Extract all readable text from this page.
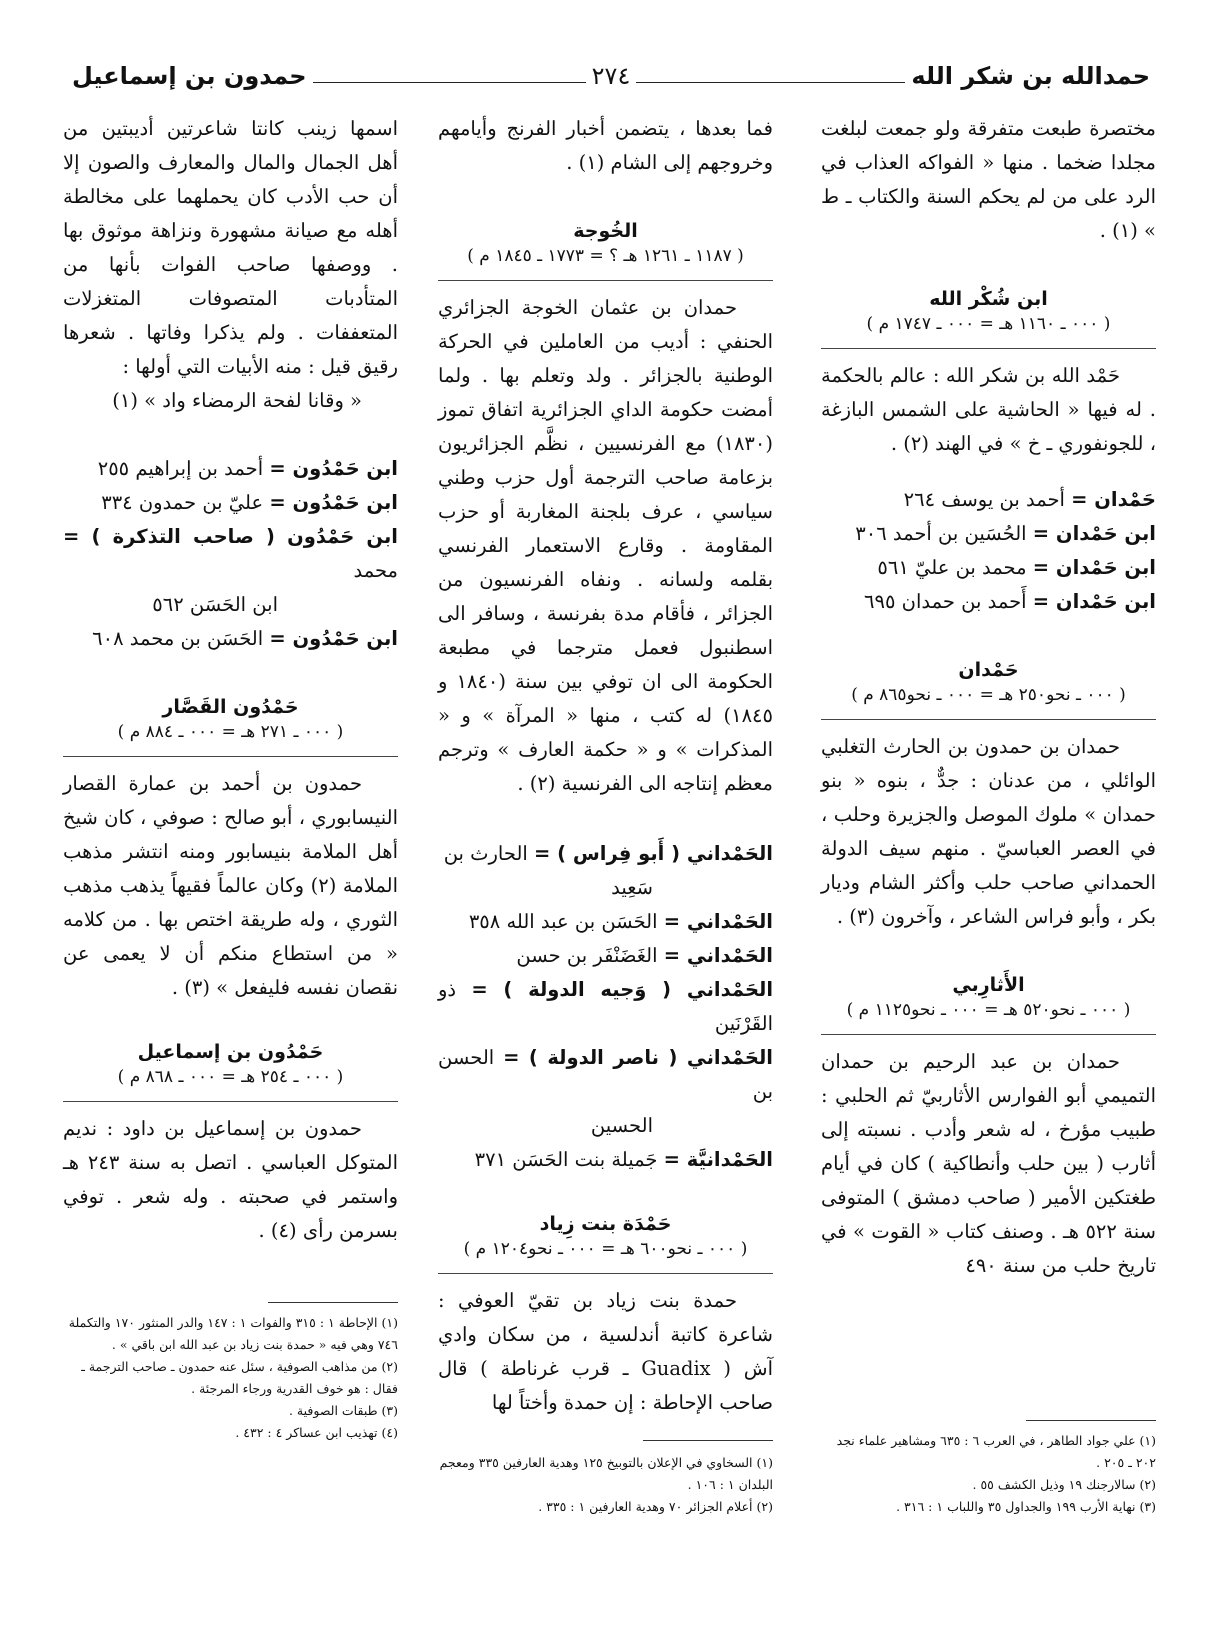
حمدالله بن شكر الله
٢٧٤
حمدون بن إسماعيل

مختصرة طبعت متفرقة ولو جمعت لبلغت مجلدا ضخما . منها « الفواكه العذاب في الرد على من لم يحكم السنة والكتاب ـ ط » (١) .

ابن شُكْر الله
( ٠٠٠ ـ ١١٦٠ هـ = ٠٠٠ ـ ١٧٤٧ م )

حَمْد الله بن شكر الله : عالم بالحكمة . له فيها « الحاشية على الشمس البازغة ، للجونفوري ـ خ » في الهند (٢) .

حَمْدان = أحمد بن يوسف ٢٦٤

ابن حَمْدان = الحُسَين بن أحمد ٣٠٦

ابن حَمْدان = محمد بن عليّ ٥٦١

ابن حَمْدان = أَحمد بن حمدان ٦٩٥

حَمْدان
( ٠٠٠ ـ نحو٢٥٠ هـ = ٠٠٠ ـ نحو٨٦٥ م )

حمدان بن حمدون بن الحارث التغلبي الوائلي ، من عدنان : جدٌّ ، بنوه « بنو حمدان » ملوك الموصل والجزيرة وحلب ، في العصر العباسيّ . منهم سيف الدولة الحمداني صاحب حلب وأكثر الشام وديار بكر ، وأبو فراس الشاعر ، وآخرون (٣) .

الأَثارِبي
( ٠٠٠ ـ نحو٥٢٠ هـ = ٠٠٠ ـ نحو١١٢٥ م )

حمدان بن عبد الرحيم بن حمدان التميمي أبو الفوارس الأثاربيّ ثم الحلبي : طبيب مؤرخ ، له شعر وأدب . نسبته إلى أثارب ( بين حلب وأنطاكية ) كان في أيام طغتكين الأمير ( صاحب دمشق ) المتوفى سنة ٥٢٢ هـ . وصنف كتاب « القوت » في تاريخ حلب من سنة ٤٩٠

فما بعدها ، يتضمن أخبار الفرنج وأيامهم وخروجهم إلى الشام (١) .

الخُوجة
( ١١٨٧ ـ ١٢٦١ هـ ؟ = ١٧٧٣ ـ ١٨٤٥ م )

حمدان بن عثمان الخوجة الجزائري الحنفي : أديب من العاملين في الحركة الوطنية بالجزائر . ولد وتعلم بها . ولما أمضت حكومة الداي الجزائرية اتفاق تموز (١٨٣٠) مع الفرنسيين ، نظَّم الجزائريون بزعامة صاحب الترجمة أول حزب وطني سياسي ، عرف بلجنة المغاربة أو حزب المقاومة . وقارع الاستعمار الفرنسي بقلمه ولسانه . ونفاه الفرنسيون من الجزائر ، فأقام مدة بفرنسة ، وسافر الى اسطنبول فعمل مترجما في مطبعة الحكومة الى ان توفي بين سنة (١٨٤٠ و ١٨٤٥) له كتب ، منها « المرآة » و « المذكرات » و « حكمة العارف » وترجم معظم إنتاجه الى الفرنسية (٢) .

الحَمْداني ( أَبو فِراس ) = الحارث بن

سَعِيد

الحَمْداني = الحَسَن بن عبد الله ٣٥٨

الحَمْداني = الغَضَنْفَر بن حسن

الحَمْداني ( وَجيه الدولة ) = ذو القَرْنَين

الحَمْداني ( ناصر الدولة ) = الحسن بن

الحسين

الحَمْدانيَّة = جَميلة بنت الحَسَن ٣٧١

حَمْدَة بنت زِياد
( ٠٠٠ ـ نحو٦٠٠ هـ = ٠٠٠ ـ نحو١٢٠٤ م )

حمدة بنت زياد بن تقيّ العوفي : شاعرة كاتبة أندلسية ، من سكان وادي آش ( Guadix ـ قرب غرناطة ) قال صاحب الإحاطة : إن حمدة وأختاً لها

اسمها زينب كانتا شاعرتين أديبتين من أهل الجمال والمال والمعارف والصون إلا أن حب الأدب كان يحملهما على مخالطة أهله مع صيانة مشهورة ونزاهة موثوق بها . ووصفها صاحب الفوات بأنها من المتأدبات المتصوفات المتغزلات المتعففات . ولم يذكرا وفاتها . شعرها رقيق قيل : منه الأبيات التي أولها :

« وقانا لفحة الرمضاء واد » (١)

ابن حَمْدُون = أحمد بن إبراهيم ٢٥٥

ابن حَمْدُون = عليّ بن حمدون ٣٣٤

ابن حَمْدُون ( صاحب التذكرة ) = محمد

ابن الحَسَن ٥٦٢

ابن حَمْدُون = الحَسَن بن محمد ٦٠٨

حَمْدُون القَصَّار
( ٠٠٠ ـ ٢٧١ هـ = ٠٠٠ ـ ٨٨٤ م )

حمدون بن أحمد بن عمارة القصار النيسابوري ، أبو صالح : صوفي ، كان شيخ أهل الملامة بنيسابور ومنه انتشر مذهب الملامة (٢) وكان عالماً فقيهاً يذهب مذهب الثوري ، وله طريقة اختص بها . من كلامه « من استطاع منكم أن لا يعمى عن نقصان نفسه فليفعل » (٣) .

حَمْدُون بن إسماعيل
( ٠٠٠ ـ ٢٥٤ هـ = ٠٠٠ ـ ٨٦٨ م )

حمدون بن إسماعيل بن داود : نديم المتوكل العباسي . اتصل به سنة ٢٤٣ هـ واستمر في صحبته . وله شعر . توفي بسرمن رأى (٤) .

(١) علي جواد الطاهر ، في العرب ٦ : ٦٣٥ ومشاهير علماء نجد ٢٠٢ ـ ٢٠٥ .
(٢) سالارجنك ١٩ وذيل الكشف ٥٥ .
(٣) نهاية الأرب ١٩٩ والجداول ٣٥ واللباب ١ : ٣١٦ .
(١) السخاوي في الإعلان بالتوبيخ ١٢٥ وهدية العارفين ٣٣٥ ومعجم البلدان ١ : ١٠٦ .
(٢) أعلام الجزائر ٧٠ وهدية العارفين ١ : ٣٣٥ .
(١) الإحاطة ١ : ٣١٥ والفوات ١ : ١٤٧ والدر المنثور ١٧٠ والتكملة ٧٤٦ وهي فيه « حمدة بنت زياد بن عبد الله ابن باقي » .
(٢) من مذاهب الصوفية ، سئل عنه حمدون ـ صاحب الترجمة ـ فقال : هو خوف القدرية ورجاء المرجئة .
(٣) طبقات الصوفية .
(٤) تهذيب ابن عساكر ٤ : ٤٣٢ .
